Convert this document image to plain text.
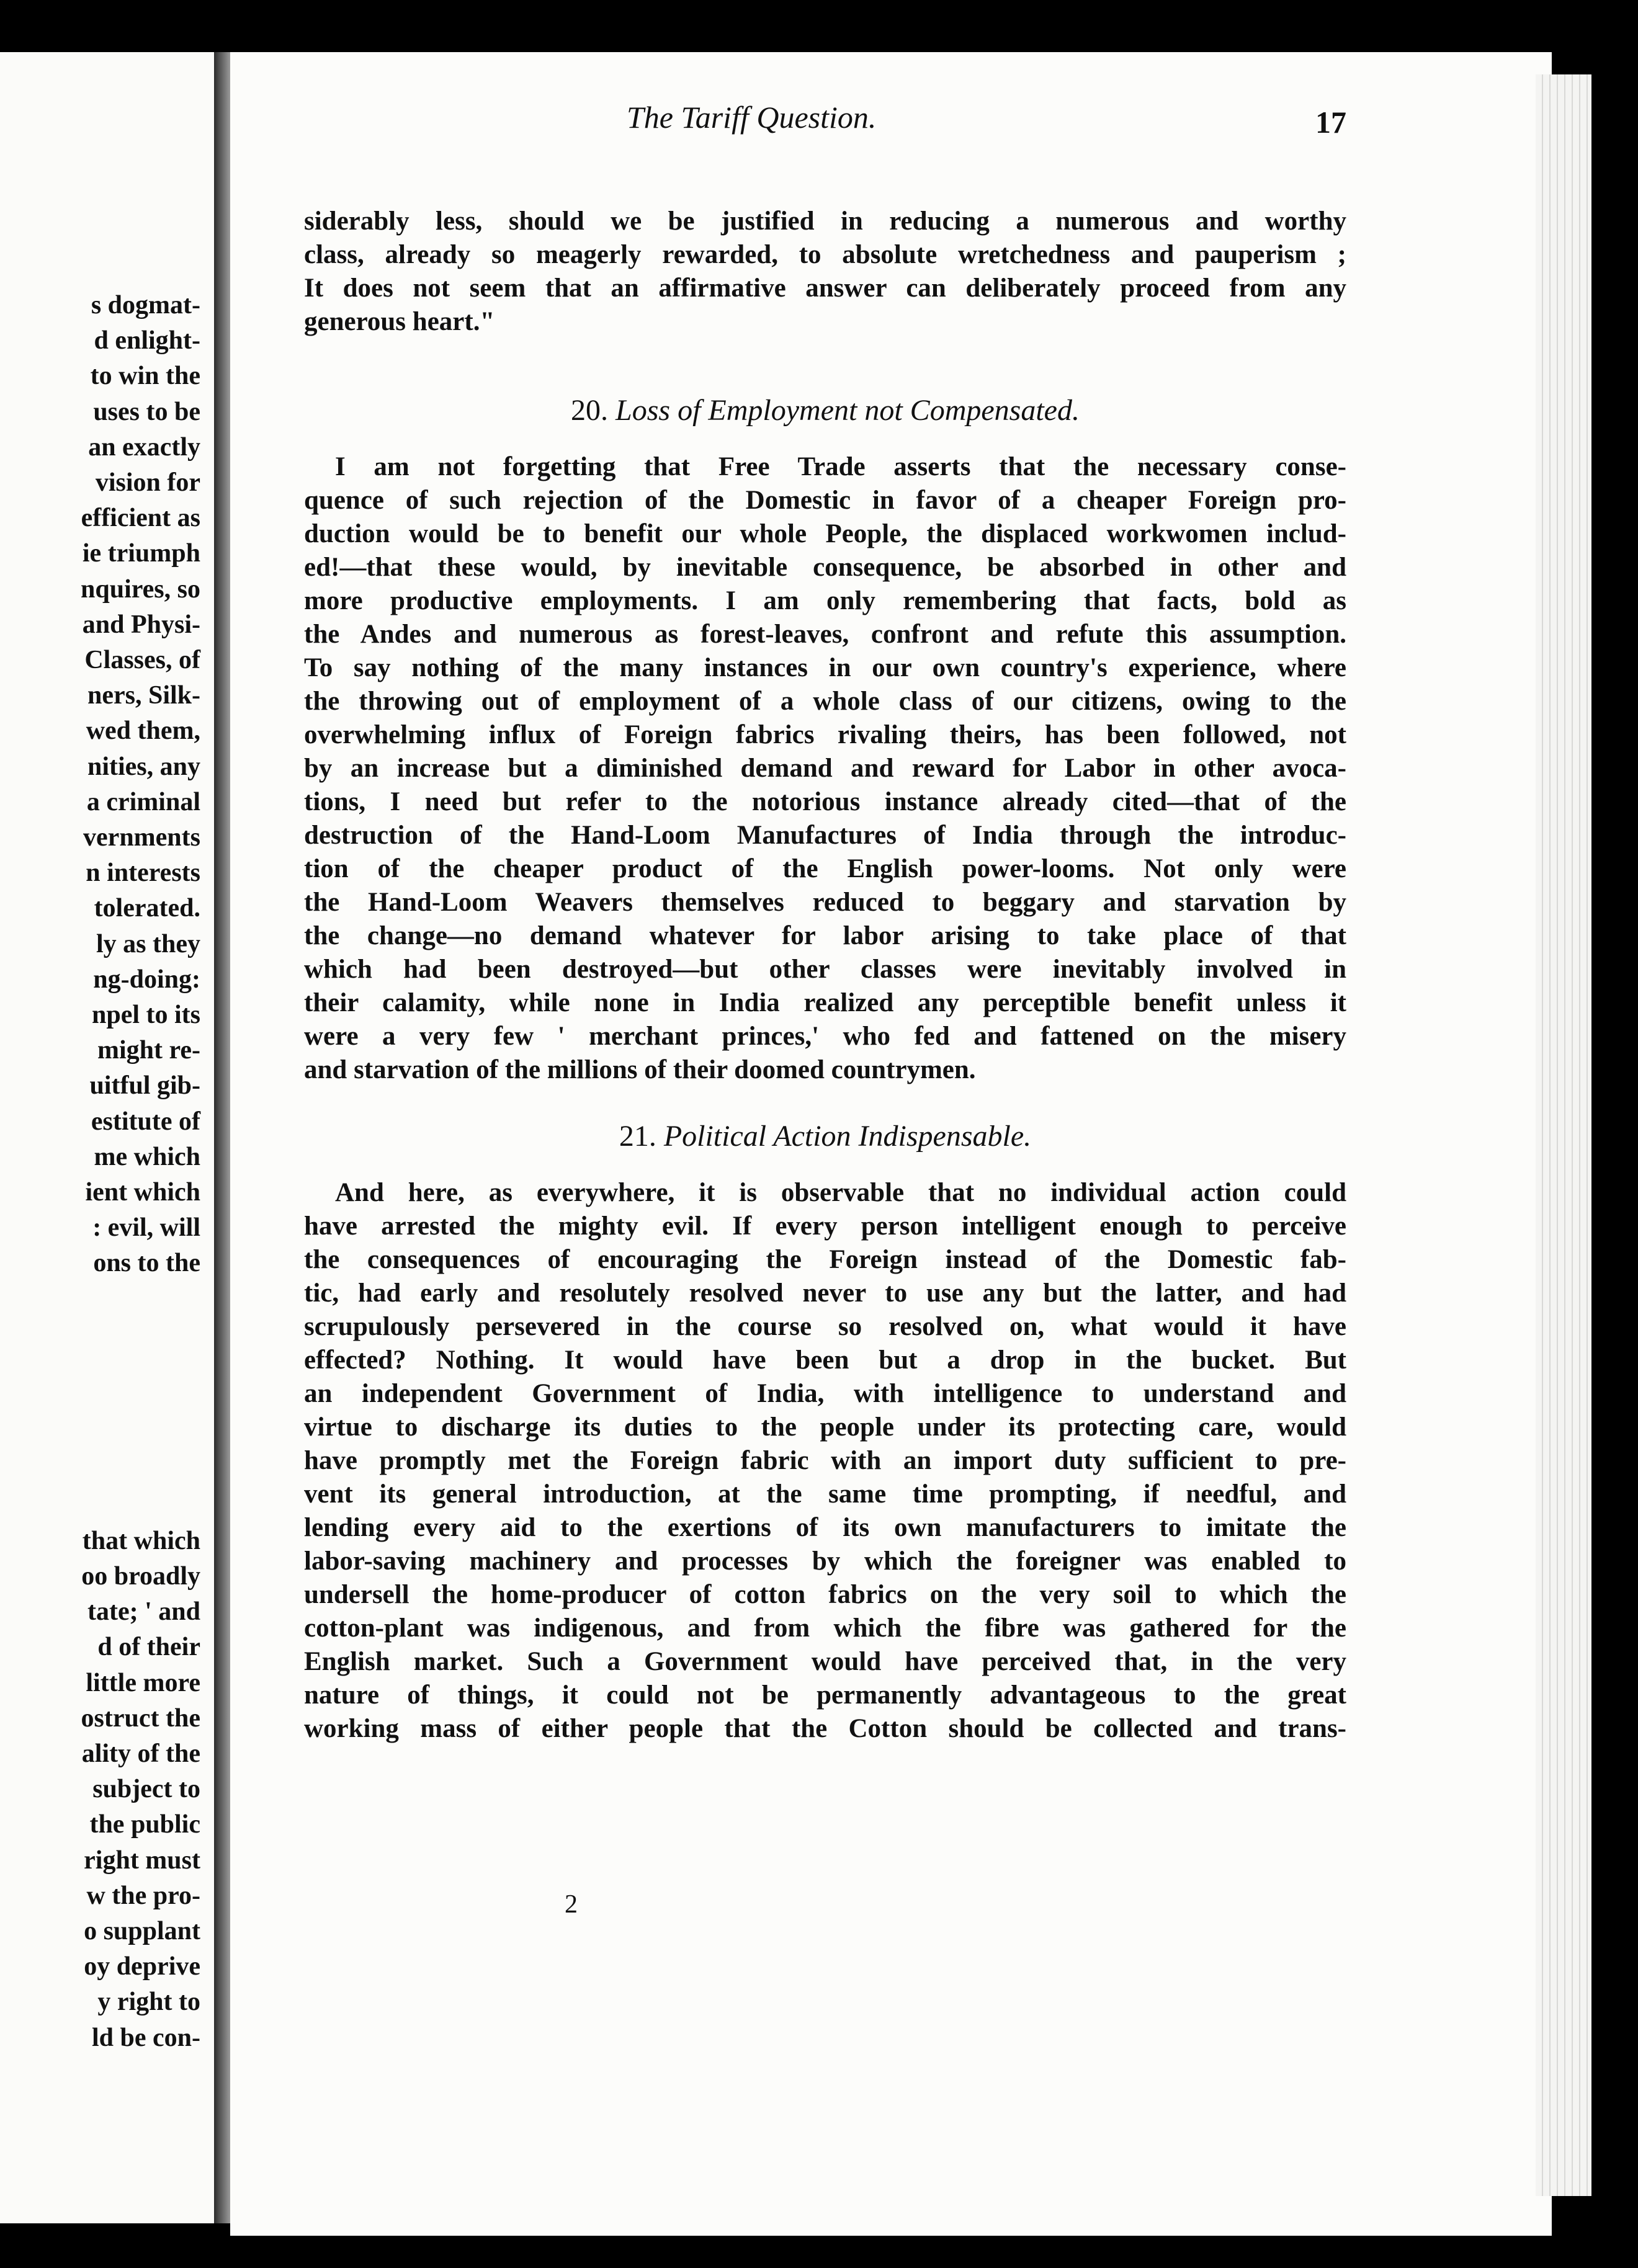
s dogmat-
d enlight-
to win the
uses to be
an exactly
vision for
efficient as
ie triumph
nquires, so
and Physi-
Classes, of
ners, Silk-
wed them,
nities, any
a criminal
vernments
n interests
tolerated.
ly as they
ng-doing:
npel to its
might re-
uitful gib-
estitute of
me which
ient which
: evil, will
ons to the
that which
oo broadly
tate; ' and
d of their
little more
ostruct the
ality of the
subject to
the public
right must
w the pro-
o supplant
oy deprive
y right to
ld be con-
The Tariff Question.	17
siderably less, should we be justified in reducing a numerous and worthy
class, already so meagerly rewarded, to absolute wretchedness and pauperism ;
It does not seem that an affirmative answer can deliberately proceed from any
generous heart."
20. Loss of Employment not Compensated.
I am not forgetting that Free Trade asserts that the necessary conse-
quence of such rejection of the Domestic in favor of a cheaper Foreign pro-
duction would be to benefit our whole People, the displaced workwomen includ-
ed!—that these would, by inevitable consequence, be absorbed in other and
more productive employments. I am only remembering that facts, bold as
the Andes and numerous as forest-leaves, confront and refute this assumption.
To say nothing of the many instances in our own country's experience, where
the throwing out of employment of a whole class of our citizens, owing to the
overwhelming influx of Foreign fabrics rivaling theirs, has been followed, not
by an increase but a diminished demand and reward for Labor in other avoca-
tions, I need but refer to the notorious instance already cited—that of the
destruction of the Hand-Loom Manufactures of India through the introduc-
tion of the cheaper product of the English power-looms. Not only were
the Hand-Loom Weavers themselves reduced to beggary and starvation by
the change—no demand whatever for labor arising to take place of that
which had been destroyed—but other classes were inevitably involved in
their calamity, while none in India realized any perceptible benefit unless it
were a very few ' merchant princes,' who fed and fattened on the misery
and starvation of the millions of their doomed countrymen.
21. Political Action Indispensable.
And here, as everywhere, it is observable that no individual action could
have arrested the mighty evil. If every person intelligent enough to perceive
the consequences of encouraging the Foreign instead of the Domestic fab-
tic, had early and resolutely resolved never to use any but the latter, and had
scrupulously persevered in the course so resolved on, what would it have
effected? Nothing. It would have been but a drop in the bucket. But
an independent Government of India, with intelligence to understand and
virtue to discharge its duties to the people under its protecting care, would
have promptly met the Foreign fabric with an import duty sufficient to pre-
vent its general introduction, at the same time prompting, if needful, and
lending every aid to the exertions of its own manufacturers to imitate the
labor-saving machinery and processes by which the foreigner was enabled to
undersell the home-producer of cotton fabrics on the very soil to which the
cotton-plant was indigenous, and from which the fibre was gathered for the
English market. Such a Government would have perceived that, in the very
nature of things, it could not be permanently advantageous to the great
working mass of either people that the Cotton should be collected and trans-
2
